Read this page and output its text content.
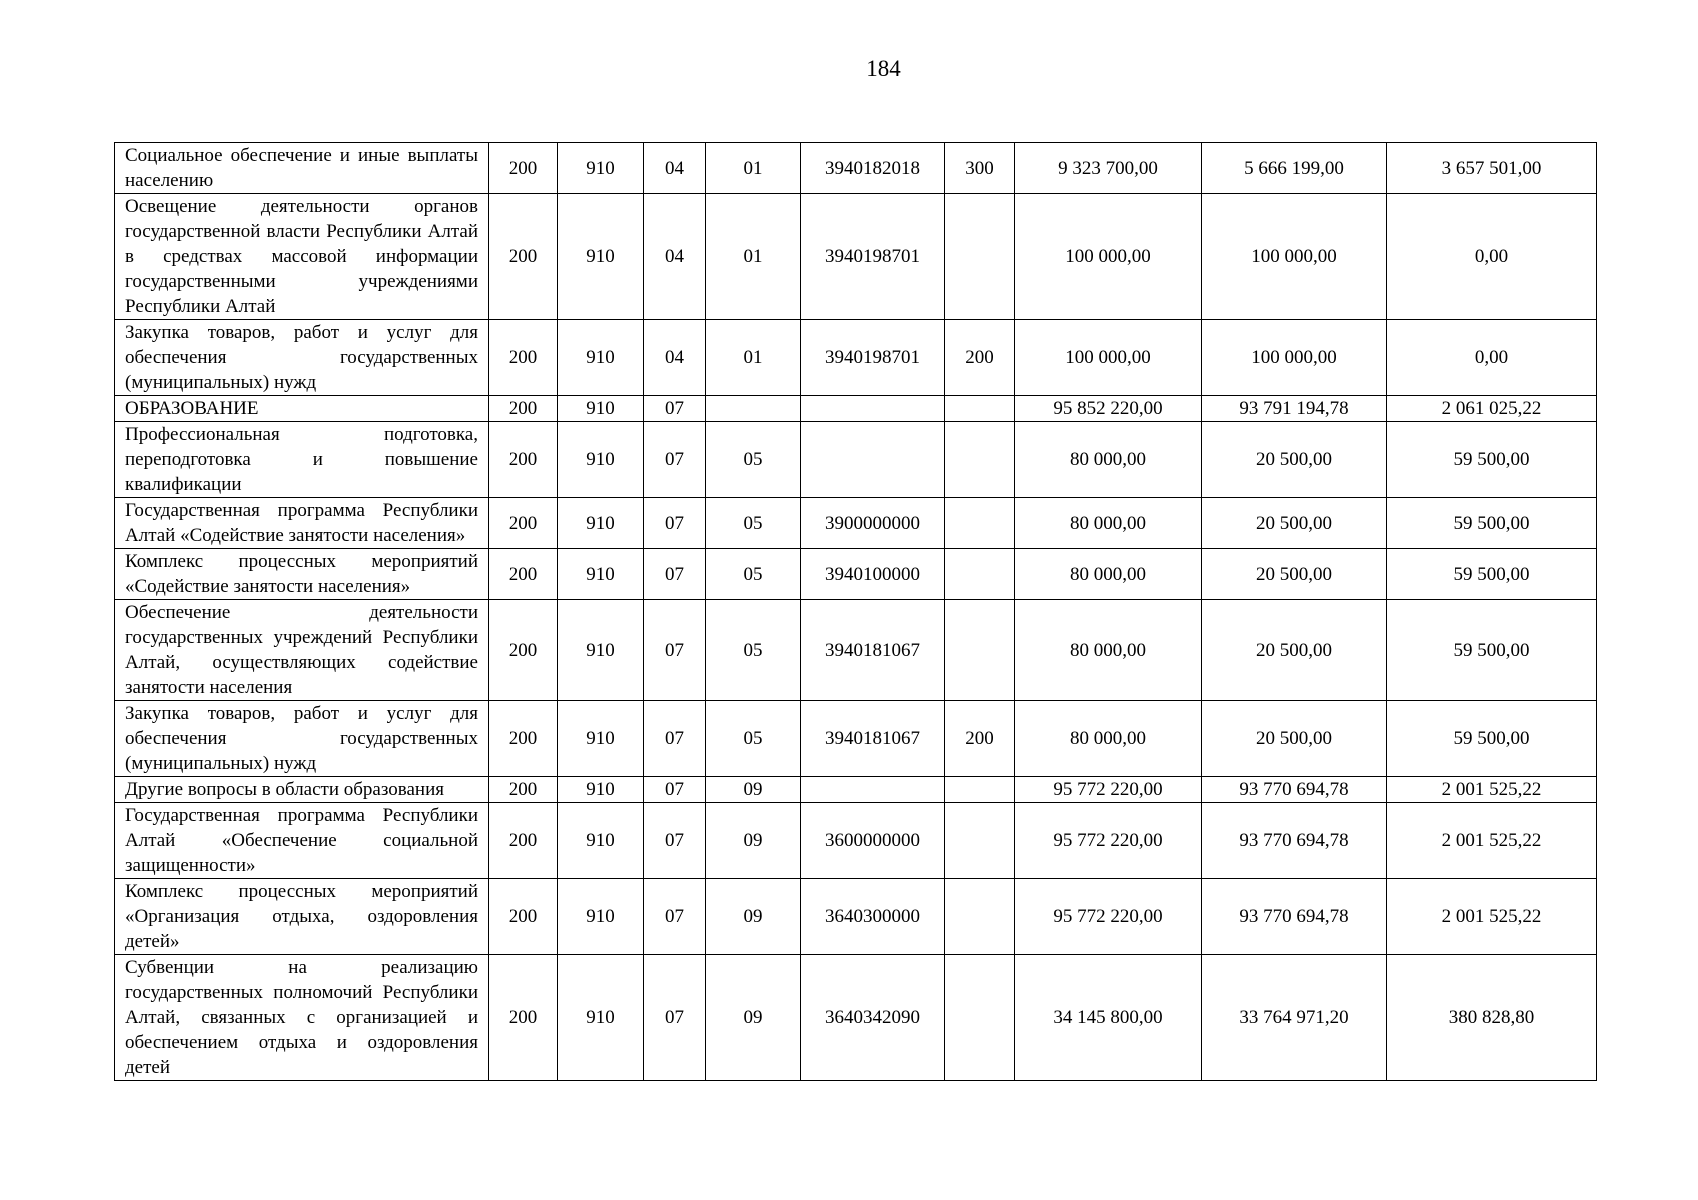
184
Социальное обеспечение и иные выплаты населению	200	910	04	01	3940182018	300	9 323 700,00	5 666 199,00	3 657 501,00
Освещение деятельности органов государственной власти Республики Алтай в средствах массовой информации государственными учреждениями Республики Алтай	200	910	04	01	3940198701		100 000,00	100 000,00	0,00
Закупка товаров, работ и услуг для обеспечения государственных (муниципальных) нужд	200	910	04	01	3940198701	200	100 000,00	100 000,00	0,00
ОБРАЗОВАНИЕ	200	910	07				95 852 220,00	93 791 194,78	2 061 025,22
Профессиональная подготовка, переподготовка и повышение квалификации	200	910	07	05			80 000,00	20 500,00	59 500,00
Государственная программа Республики Алтай «Содействие занятости населения»	200	910	07	05	3900000000		80 000,00	20 500,00	59 500,00
Комплекс процессных мероприятий «Содействие занятости населения»	200	910	07	05	3940100000		80 000,00	20 500,00	59 500,00
Обеспечение деятельности государственных учреждений Республики Алтай, осуществляющих содействие занятости населения	200	910	07	05	3940181067		80 000,00	20 500,00	59 500,00
Закупка товаров, работ и услуг для обеспечения государственных (муниципальных) нужд	200	910	07	05	3940181067	200	80 000,00	20 500,00	59 500,00
Другие вопросы в области образования	200	910	07	09			95 772 220,00	93 770 694,78	2 001 525,22
Государственная программа Республики Алтай «Обеспечение социальной защищенности»	200	910	07	09	3600000000		95 772 220,00	93 770 694,78	2 001 525,22
Комплекс процессных мероприятий «Организация отдыха, оздоровления детей»	200	910	07	09	3640300000		95 772 220,00	93 770 694,78	2 001 525,22
Субвенции на реализацию государственных полномочий Республики Алтай, связанных с организацией и обеспечением отдыха и оздоровления детей	200	910	07	09	3640342090		34 145 800,00	33 764 971,20	380 828,80
